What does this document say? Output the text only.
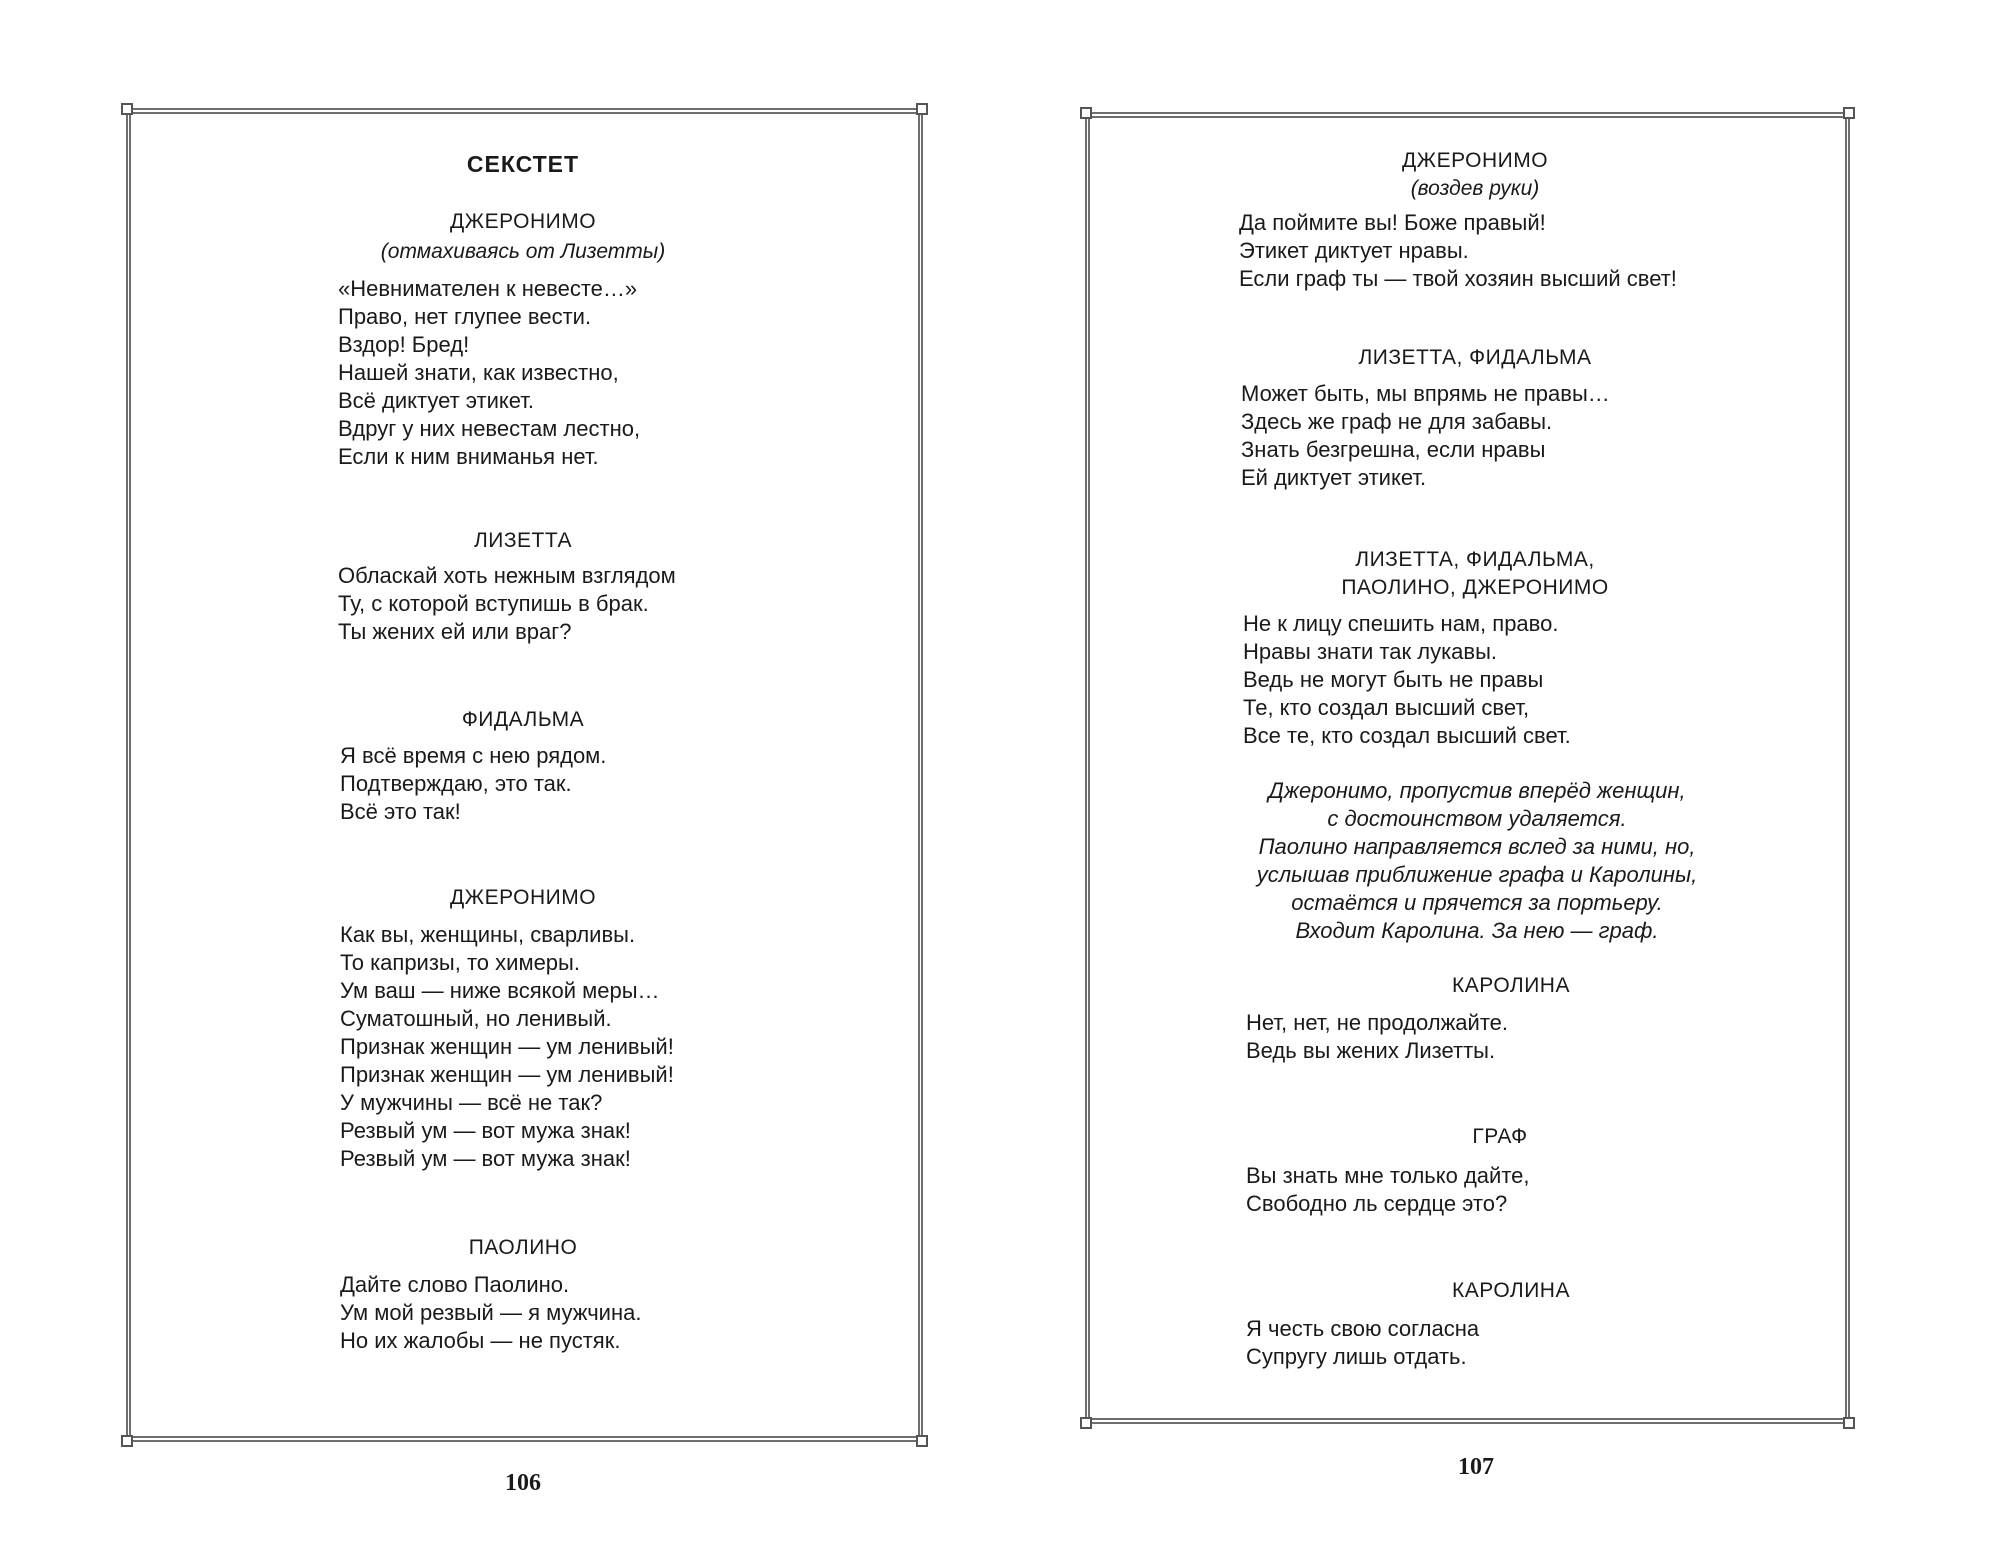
СЕКСТЕТ

ДЖЕРОНИМО

(отмахиваясь от Лизетты)

«Невнимателен к невесте…»
Право, нет глупее вести.
Вздор! Бред!
Нашей знати, как известно,
Всё диктует этикет.
Вдруг у них невестам лестно,
Если к ним вниманья нет.

ЛИЗЕТТА

Обласкай хоть нежным взглядом
Ту, с которой вступишь в брак.
Ты жених ей или враг?

ФИДАЛЬМА

Я всё время с нею рядом.
Подтверждаю, это так.
Всё это так!

ДЖЕРОНИМО

Как вы, женщины, сварливы.
То капризы, то химеры.
Ум ваш — ниже всякой меры…
Суматошный, но ленивый.
Признак женщин — ум ленивый!
Признак женщин — ум ленивый!
У мужчины — всё не так?
Резвый ум — вот мужа знак!
Резвый ум — вот мужа знак!

ПАОЛИНО

Дайте слово Паолино.
Ум мой резвый — я мужчина.
Но их жалобы — не пустяк.
106

ДЖЕРОНИМО

(воздев руки)

Да поймите вы! Боже правый!
Этикет диктует нравы.
Если граф ты — твой хозяин высший свет!

ЛИЗЕТТА, ФИДАЛЬМА

Может быть, мы впрямь не правы…
Здесь же граф не для забавы.
Знать безгрешна, если нравы
Ей диктует этикет.

ЛИЗЕТТА, ФИДАЛЬМА,

ПАОЛИНО, ДЖЕРОНИМО

Не к лицу спешить нам, право.
Нравы знати так лукавы.
Ведь не могут быть не правы
Те, кто создал высший свет,
Все те, кто создал высший свет.
Джеронимо, пропустив вперёд женщин,
с достоинством удаляется.
Паолино направляется вслед за ними, но,
услышав приближение графа и Каролины,
остаётся и прячется за портьеру.
Входит Каролина. За нею — граф.

КАРОЛИНА

Нет, нет, не продолжайте.
Ведь вы жених Лизетты.

ГРАФ

Вы знать мне только дайте,
Свободно ль сердце это?

КАРОЛИНА

Я честь свою согласна
Супругу лишь отдать.
107
